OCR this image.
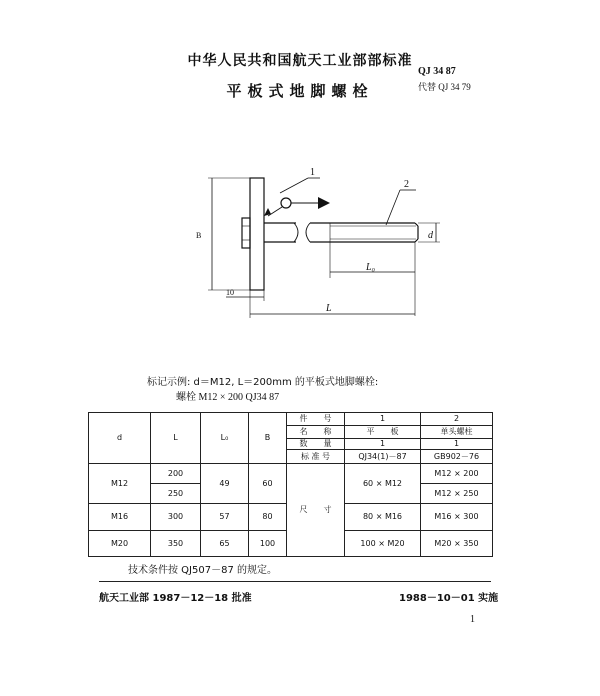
中华人民共和国航天工业部部标准
平板式地脚螺栓
QJ 34 87
代替 QJ 34 79
1
2
B	d
L₀
10
L
标记示例: d＝M12, L＝200mm 的平板式地脚螺栓:
螺栓 M12 × 200 QJ34 87
d	L	L₀	B	件　　号	1	2
				名　　称	平　　板	单头螺柱
				数　　量	1	1
				标 准 号	QJ34(1)－87	GB902－76
M12	200	49	60	尺　　寸	60 × M12	M12 × 200
	250					M12 × 250
M16	300	57	80		80 × M16	M16 × 300
M20	350	65	100		100 × M20	M20 × 350
技术条件按 QJ507－87 的规定。
航天工业部 1987－12－18 批准	1988－10－01 实施
1
